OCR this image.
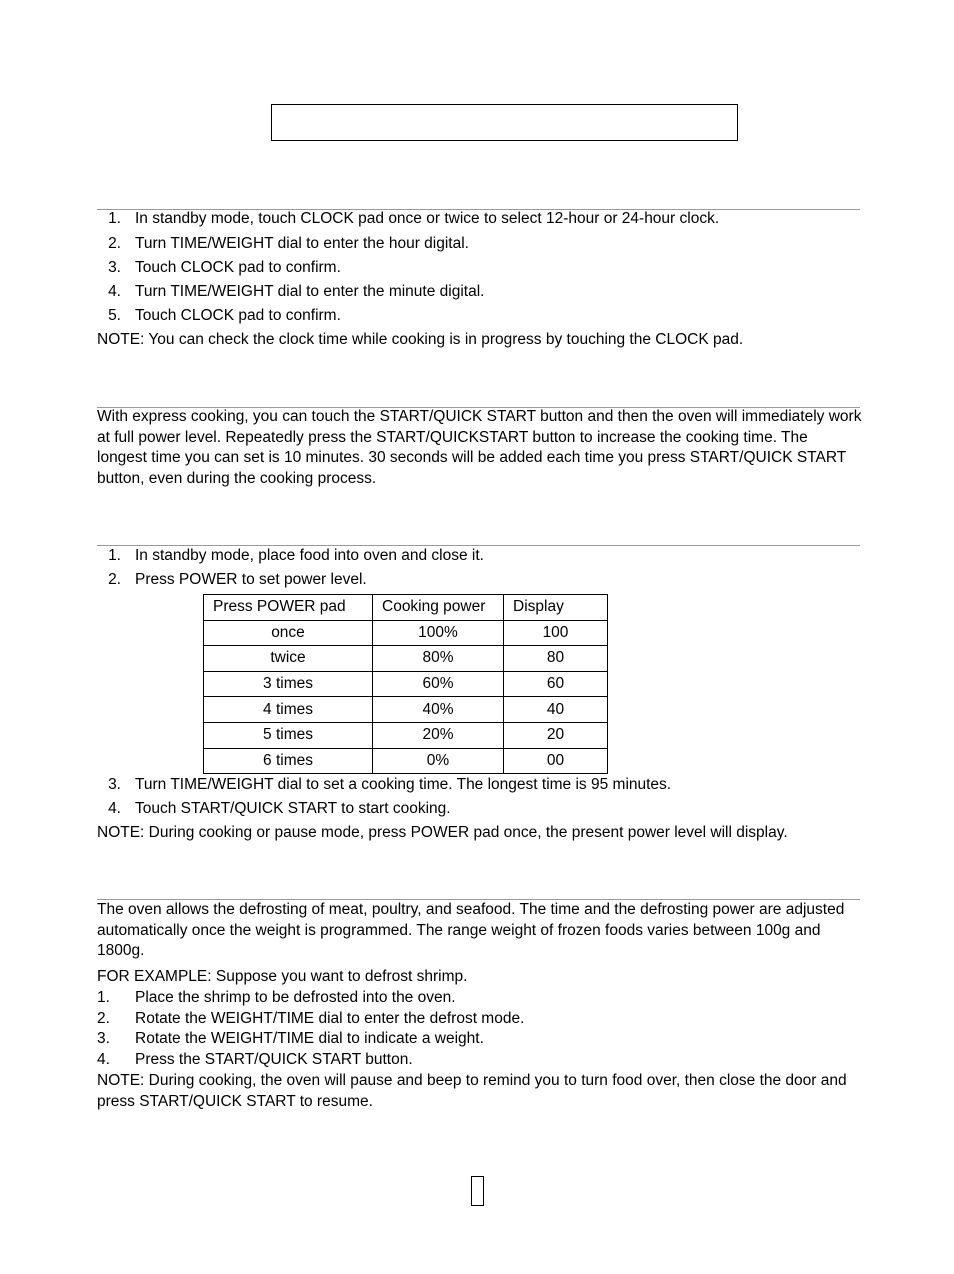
1. In standby mode, touch CLOCK pad once or twice to select 12-hour or 24-hour clock.
2. Turn TIME/WEIGHT dial to enter the hour digital.
3. Touch CLOCK pad to confirm.
4. Turn TIME/WEIGHT dial to enter the minute digital.
5. Touch CLOCK pad to confirm.
NOTE: You can check the clock time while cooking is in progress by touching the CLOCK pad.

With express cooking, you can touch the START/QUICK START button and then the oven will immediately work at full power level. Repeatedly press the START/QUICKSTART button to increase the cooking time. The longest time you can set is 10 minutes. 30 seconds will be added each time you press START/QUICK START button, even during the cooking process.

1. In standby mode, place food into oven and close it.
2. Press POWER to set power level.
Press POWER pad	Cooking power	Display
once	100%	100
twice	80%	80
3 times	60%	60
4 times	40%	40
5 times	20%	20
6 times	0%	00
3. Turn TIME/WEIGHT dial to set a cooking time. The longest time is 95 minutes.
4. Touch START/QUICK START to start cooking.
NOTE: During cooking or pause mode, press POWER pad once, the present power level will display.

The oven allows the defrosting of meat, poultry, and seafood. The time and the defrosting power are adjusted automatically once the weight is programmed. The range weight of frozen foods varies between 100g and 1800g.

FOR EXAMPLE: Suppose you want to defrost shrimp.
1. Place the shrimp to be defrosted into the oven.
2. Rotate the WEIGHT/TIME dial to enter the defrost mode.
3. Rotate the WEIGHT/TIME dial to indicate a weight.
4. Press the START/QUICK START button.

NOTE: During cooking, the oven will pause and beep to remind you to turn food over, then close the door and press START/QUICK START to resume.
